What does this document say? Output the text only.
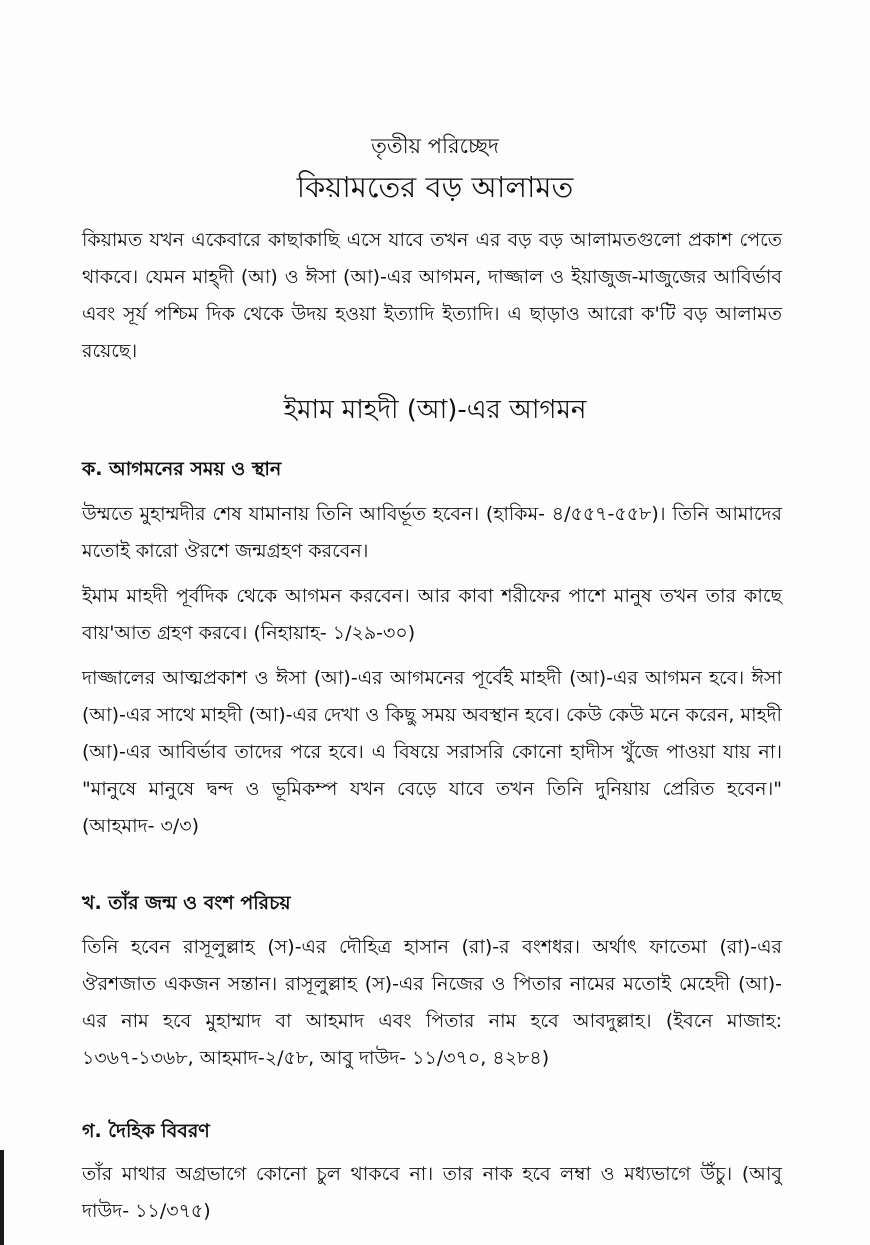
তৃতীয় পরিচ্ছেদ
কিয়ামতের বড় আলামত

কিয়ামত যখন একেবারে কাছাকাছি এসে যাবে তখন এর বড় বড় আলামতগুলো প্রকাশ পেতে থাকবে। যেমন মাহ্দী (আ) ও ঈসা (আ)-এর আগমন, দাজ্জাল ও ইয়াজুজ-মাজুজের আবির্ভাব এবং সূর্য পশ্চিম দিক থেকে উদয় হওয়া ইত্যাদি ইত্যাদি। এ ছাড়াও আরো ক'টি বড় আলামত রয়েছে।

ইমাম মাহদী (আ)-এর আগমন
ক. আগমনের সময় ও স্থান

উম্মতে মুহাম্মদীর শেষ যামানায় তিনি আবির্ভূত হবেন। (হাকিম- ৪/৫৫৭-৫৫৮)। তিনি আমাদের মতোই কারো ঔরশে জন্মগ্রহণ করবেন।

ইমাম মাহদী পূর্বদিক থেকে আগমন করবেন। আর কাবা শরীফের পাশে মানুষ তখন তার কাছে বায়'আত গ্রহণ করবে। (নিহায়াহ- ১/২৯-৩০)

দাজ্জালের আত্মপ্রকাশ ও ঈসা (আ)-এর আগমনের পূর্বেই মাহদী (আ)-এর আগমন হবে। ঈসা (আ)-এর সাথে মাহদী (আ)-এর দেখা ও কিছু সময় অবস্থান হবে। কেউ কেউ মনে করেন, মাহদী (আ)-এর আবির্ভাব তাদের পরে হবে। এ বিষয়ে সরাসরি কোনো হাদীস খুঁজে পাওয়া যায় না। "মানুষে মানুষে দ্বন্দ ও ভূমিকম্প যখন বেড়ে যাবে তখন তিনি দুনিয়ায় প্রেরিত হবেন।" (আহমাদ- ৩/৩)

খ. তাঁর জন্ম ও বংশ পরিচয়

তিনি হবেন রাসূলুল্লাহ (স)-এর দৌহিত্র হাসান (রা)-র বংশধর। অর্থাৎ ফাতেমা (রা)-এর ঔরশজাত একজন সন্তান। রাসূলুল্লাহ (স)-এর নিজের ও পিতার নামের মতোই মেহেদী (আ)-এর নাম হবে মুহাম্মাদ বা আহমাদ এবং পিতার নাম হবে আবদুল্লাহ। (ইবনে মাজাহ: ১৩৬৭-১৩৬৮, আহমাদ-২/৫৮, আবু দাউদ- ১১/৩৭০, ৪২৮৪)

গ. দৈহিক বিবরণ

তাঁর মাথার অগ্রভাগে কোনো চুল থাকবে না। তার নাক হবে লম্বা ও মধ্যভাগে উঁচু। (আবু দাউদ- ১১/৩৭৫)
